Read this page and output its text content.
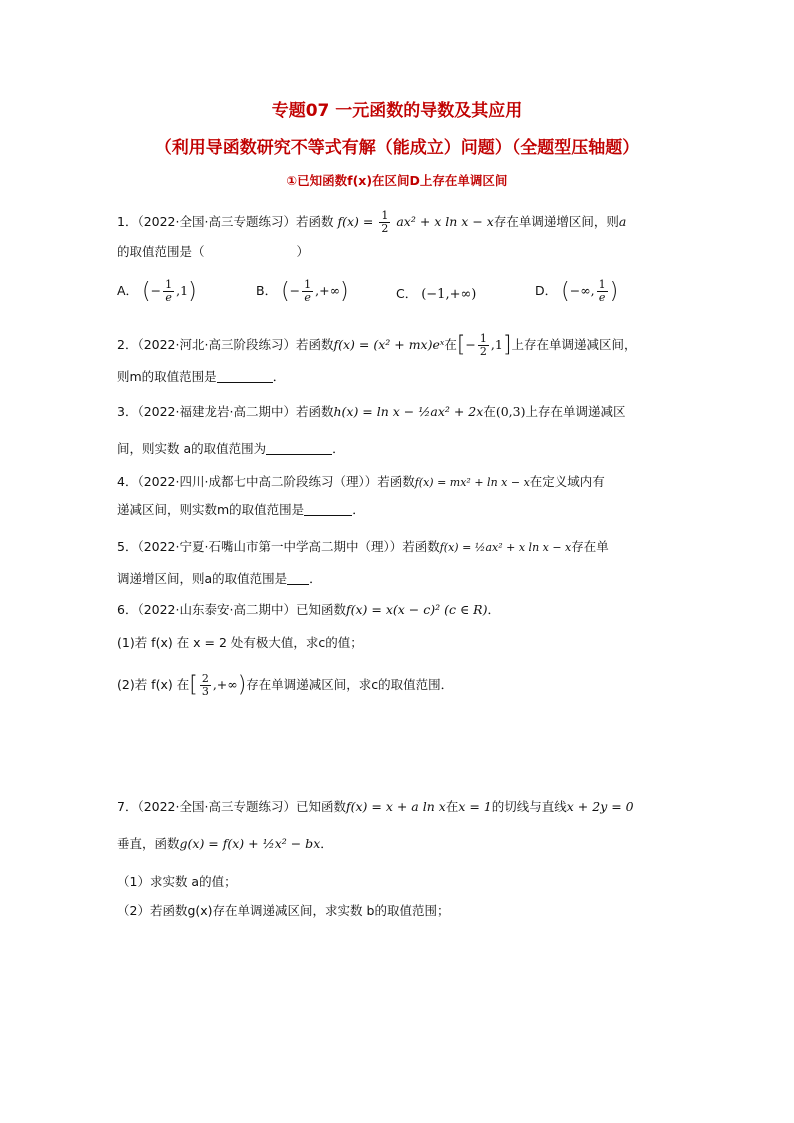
专题07 一元函数的导数及其应用
（利用导函数研究不等式有解（能成立）问题）（全题型压轴题）
①已知函数f(x)在区间D上存在单调区间
1．（2022·全国·高三专题练习）若函数 $f(x) = \frac{1}{2} ax^2 + x$ ln x − x存在单调递增区间，则a
的取值范围是（	）
A． (− $\frac{1}{e} ,1$)	B． (− $\frac{1}{e}$ ,+∞)	C． (−1,+∞)	D． (−∞, $\frac{1}{e}$ )
2．（2022·河北·高三阶段练习）若函数f(x) = (x² + mx)eˣ在[− $\frac{1}{2} ,1$]上存在单调递减区间，
则m的取值范围是	．
3．（2022·福建龙岩·高二期中）若函数h(x) = ln x − ½ax² + 2x在(0,3)上存在单调递减区
间，则实数 a的取值范围为	．
4．（2022·四川·成都七中高二阶段练习（理））若函数f(x) = mx² + ln x − x在定义域内有
递减区间，则实数m的取值范围是	．
5．（2022·宁夏·石嘴山市第一中学高二期中（理））若函数f(x) = ½ax² + x ln x − x存在单
调递增区间，则a的取值范围是 ．
6．（2022·山东泰安·高二期中）已知函数f(x) = x(x − c)² (c ∈ R)．
(1)若 f(x) 在 x = 2 处有极大值，求c的值；
(2)若 f(x) 在[ $\frac{2}{3}$ ,+∞)存在单调递减区间，求c的取值范围．
7．（2022·全国·高三专题练习）已知函数f(x) = x + a ln x在x = 1的切线与直线x + 2y = 0
垂直，函数g(x) = f(x) + ½x² − bx．
（1）求实数 a的值；
（2）若函数g(x)存在单调递减区间，求实数 b的取值范围；
